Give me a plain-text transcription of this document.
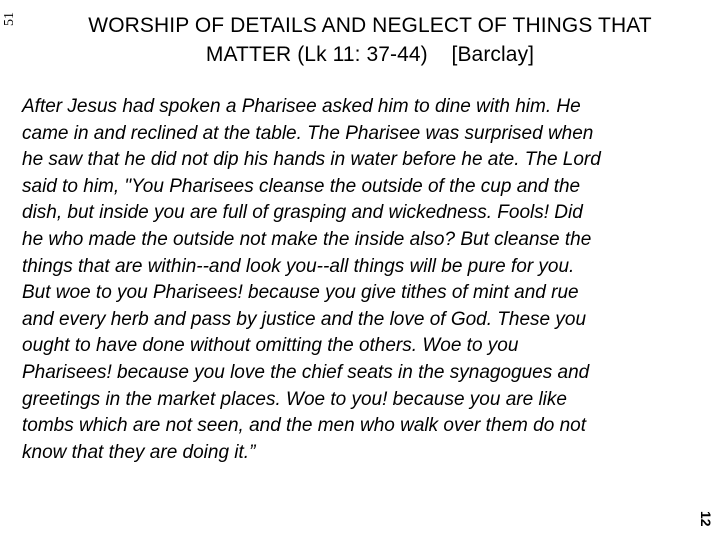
51	WORSHIP OF DETAILS AND NEGLECT OF THINGS THAT
MATTER (Lk 11: 37-44)    [Barclay]

After Jesus had spoken a Pharisee asked him to dine with him. He
came in and reclined at the table. The Pharisee was surprised when
he saw that he did not dip his hands in water before he ate. The Lord
said to him, "You Pharisees cleanse the outside of the cup and the
dish, but inside you are full of grasping and wickedness. Fools! Did
he who made the outside not make the inside also? But cleanse the
things that are within--and look you--all things will be pure for you.

But woe to you Pharisees! because you give tithes of mint and rue
and every herb and pass by justice and the love of God. These you
ought to have done without omitting the others. Woe to you
Pharisees! because you love the chief seats in the synagogues and
greetings in the market places. Woe to you! because you are like
tombs which are not seen, and the men who walk over them do not
know that they are doing it.”

12
